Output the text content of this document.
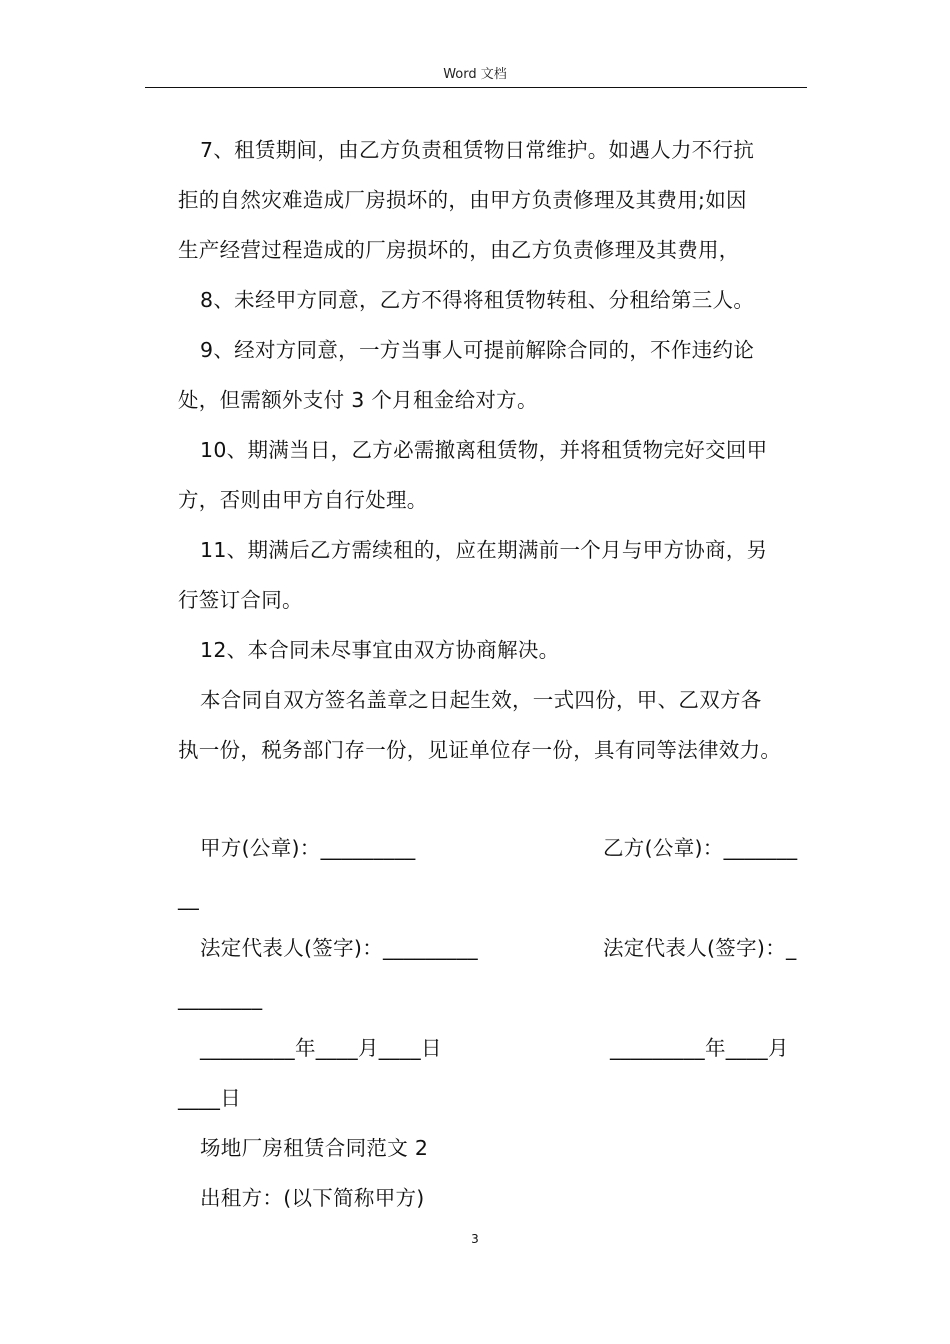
Word 文档
7、租赁期间，由乙方负责租赁物日常维护。如遇人力不行抗
拒的自然灾难造成厂房损坏的，由甲方负责修理及其费用;如因
生产经营过程造成的厂房损坏的，由乙方负责修理及其费用，
8、未经甲方同意，乙方不得将租赁物转租、分租给第三人。
9、经对方同意，一方当事人可提前解除合同的，不作违约论
处，但需额外支付 3 个月租金给对方。
10、期满当日，乙方必需撤离租赁物，并将租赁物完好交回甲
方，否则由甲方自行处理。
11、期满后乙方需续租的，应在期满前一个月与甲方协商，另
行签订合同。
12、本合同未尽事宜由双方协商解决。
本合同自双方签名盖章之日起生效，一式四份，甲、乙双方各
执一份，税务部门存一份，见证单位存一份，具有同等法律效力。
甲方(公章)：_________	乙方(公章)：_______
__
法定代表人(签字)：_________	法定代表人(签字)：_
________
_________年____月____日	_________年____月
____日
场地厂房租赁合同范文 2
出租方：(以下简称甲方)
3
